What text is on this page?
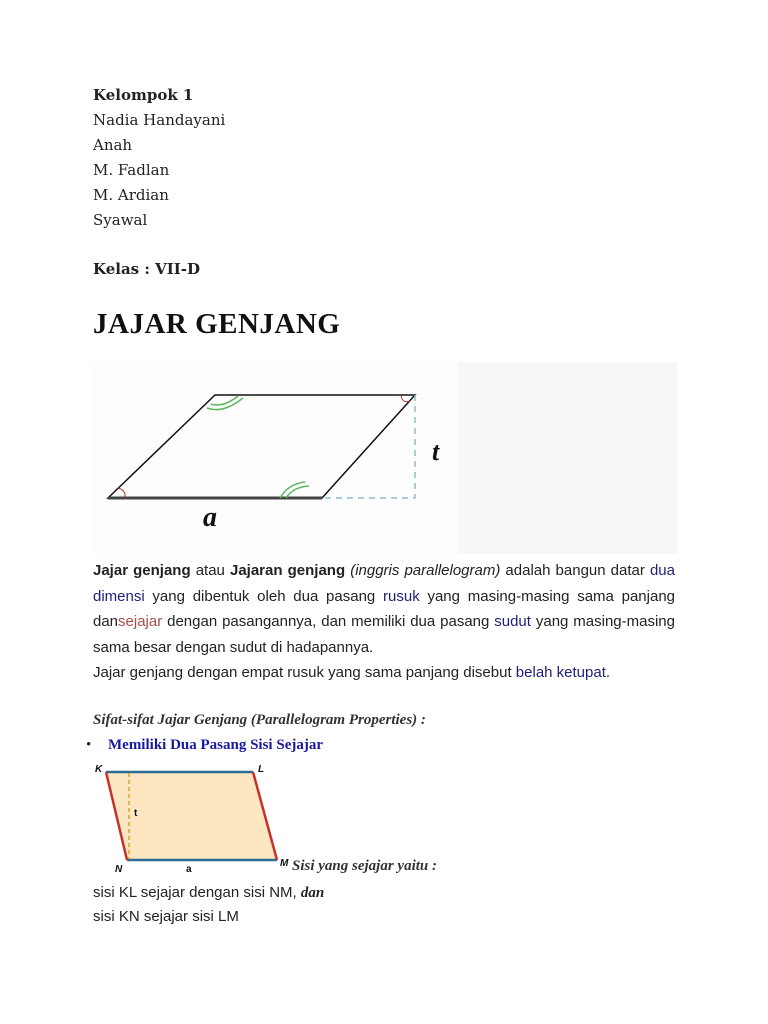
Kelompok 1
Nadia Handayani
Anah
M. Fadlan
M. Ardian
Syawal
Kelas : VII-D
JAJAR GENJANG
t
a
Jajar genjang atau Jajaran genjang (inggris parallelogram) adalah bangun datar dua dimensi yang dibentuk oleh dua pasang rusuk yang masing-masing sama panjang dansejajar dengan pasangannya, dan memiliki dua pasang sudut yang masing-masing sama besar dengan sudut di hadapannya.
Jajar genjang dengan empat rusuk yang sama panjang disebut belah ketupat.
Sifat-sifat Jajar Genjang (Parallelogram Properties) :
• Memiliki Dua Pasang Sisi Sejajar
K	L
M
N
t
a	Sisi yang sejajar yaitu :
sisi KL sejajar dengan sisi NM, dan
sisi KN sejajar sisi LM
